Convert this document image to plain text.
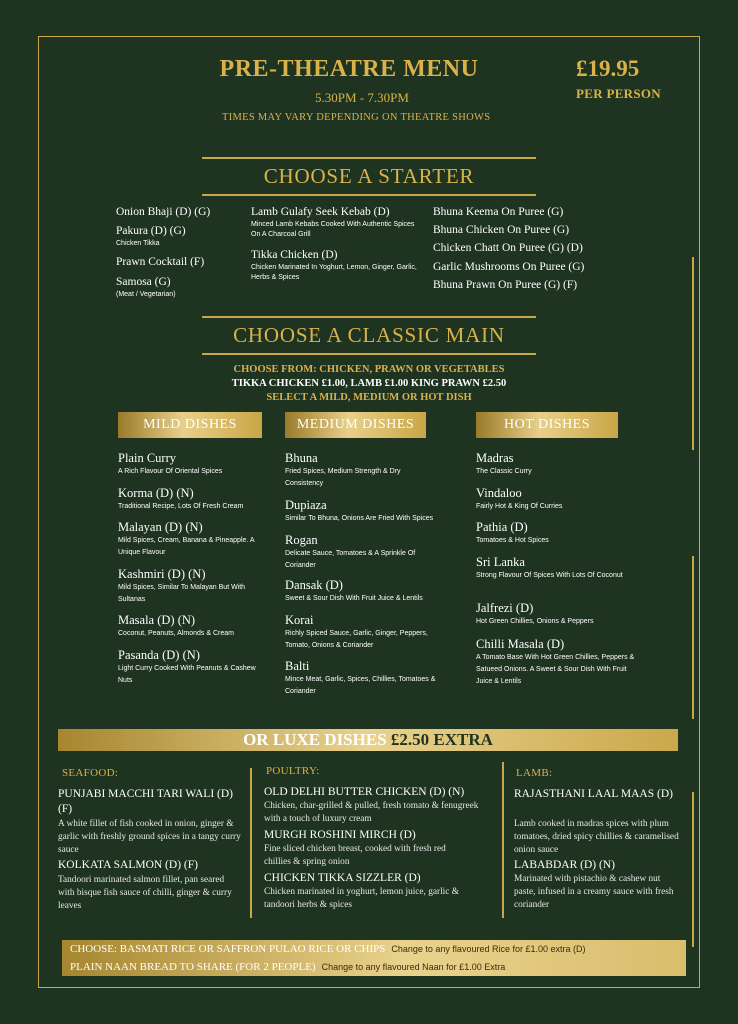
PRE-THEATRE MENU
5.30PM - 7.30PM
TIMES MAY VARY DEPENDING ON THEATRE SHOWS
£19.95
PER PERSON
CHOOSE A STARTER
Onion Bhaji (D) (G)
Pakura (D) (G)
Chicken Tikka
Prawn Cocktail (F)
Samosa (G)
(Meat / Vegetarian)
Lamb Gulafy Seek Kebab (D)
Minced Lamb Kebabs Cooked With Authentic Spices On A Charcoal Grill
Tikka Chicken (D)
Chicken Marinated In Yoghurt, Lemon, Ginger, Garlic, Herbs & Spices
Bhuna Keema On Puree (G)
Bhuna Chicken On Puree (G)
Chicken Chatt On Puree (G) (D)
Garlic Mushrooms On Puree (G)
Bhuna Prawn On Puree (G) (F)
CHOOSE A CLASSIC MAIN
CHOOSE FROM: CHICKEN, PRAWN OR VEGETABLES
TIKKA CHICKEN £1.00, LAMB £1.00 KING PRAWN £2.50
SELECT A MILD, MEDIUM OR HOT DISH
MILD DISHES	MEDIUM DISHES	HOT DISHES
Plain Curry
A Rich Flavour Of Oriental Spices
Korma (D) (N)
Traditional Recipe, Lots Of Fresh Cream
Malayan (D) (N)
Mild Spices, Cream, Banana & Pineapple. A Unique Flavour
Kashmiri (D) (N)
Mild Spices, Similar To Malayan But With Sultanas
Masala (D) (N)
Coconut, Peanuts, Almonds & Cream
Pasanda (D) (N)
Light Curry Cooked With Peanuts & Cashew Nuts
Bhuna
Fried Spices, Medium Strength & Dry Consistency
Dupiaza
Similar To Bhuna, Onions Are Fried With Spices
Rogan
Delicate Sauce, Tomatoes & A Sprinkle Of Coriander
Dansak (D)
Sweet & Sour Dish With Fruit Juice & Lentils
Korai
Richly Spiced Sauce, Garlic, Ginger, Peppers, Tomato, Onions & Coriander
Balti
Mince Meat, Garlic, Spices, Chillies, Tomatoes & Coriander
Madras
The Classic Curry
Vindaloo
Fairly Hot & King Of Curries
Pathia (D)
Tomatoes & Hot Spices
Sri Lanka
Strong Flavour Of Spices With Lots Of Coconut
Jalfrezi (D)
Hot Green Chillies, Onions & Peppers
Chilli Masala (D)
A Tomato Base With Hot Green Chillies, Peppers & Satueed Onions. A Sweet & Sour Dish With Fruit Juice & Lentils
OR LUXE DISHES £2.50 EXTRA
SEAFOOD:	POULTRY:	LAMB:
PUNJABI MACCHI TARI WALI (D) (F)
A white fillet of fish cooked in onion, ginger & garlic with freshly ground spices in a tangy curry sauce
KOLKATA SALMON (D) (F)
Tandoori marinated salmon fillet, pan seared with bisque fish sauce of chilli, ginger & curry leaves
OLD DELHI BUTTER CHICKEN (D) (N)
Chicken, char-grilled & pulled, fresh tomato & fenugreek with a touch of luxury cream
MURGH ROSHINI MIRCH (D)
Fine sliced chicken breast, cooked with fresh red chillies & spring onion
CHICKEN TIKKA SIZZLER (D)
Chicken marinated in yoghurt, lemon juice, garlic & tandoori herbs & spices
RAJASTHANI LAAL MAAS (D)
Lamb cooked in madras spices with plum tomatoes, dried spicy chillies & caramelised onion sauce
LABABDAR (D) (N)
Marinated with pistachio & cashew nut paste, infused in a creamy sauce with fresh coriander
CHOOSE: BASMATI RICE OR SAFFRON PULAO RICE OR CHIPS Change to any flavoured Rice for £1.00 extra (D)
PLAIN NAAN BREAD TO SHARE (FOR 2 PEOPLE) Change to any flavoured Naan for £1.00 Extra
